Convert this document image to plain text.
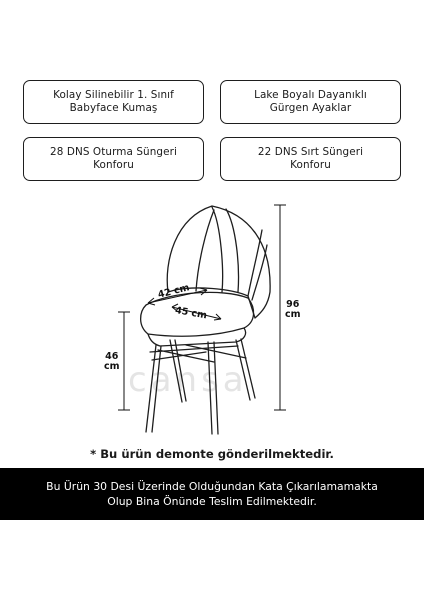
Kolay Silinebilir 1. Sınıf
Babyface Kumaş
Lake Boyalı Dayanıklı
Gürgen Ayaklar
28 DNS Oturma Süngeri
Konforu
22 DNS Sırt Süngeri
Konforu
cansa
96
cm
46
cm
42 cm
45 cm
* Bu ürün demonte gönderilmektedir.
Bu Ürün 30 Desi Üzerinde Olduğundan Kata Çıkarılamamakta
Olup Bina Önünde Teslim Edilmektedir.
